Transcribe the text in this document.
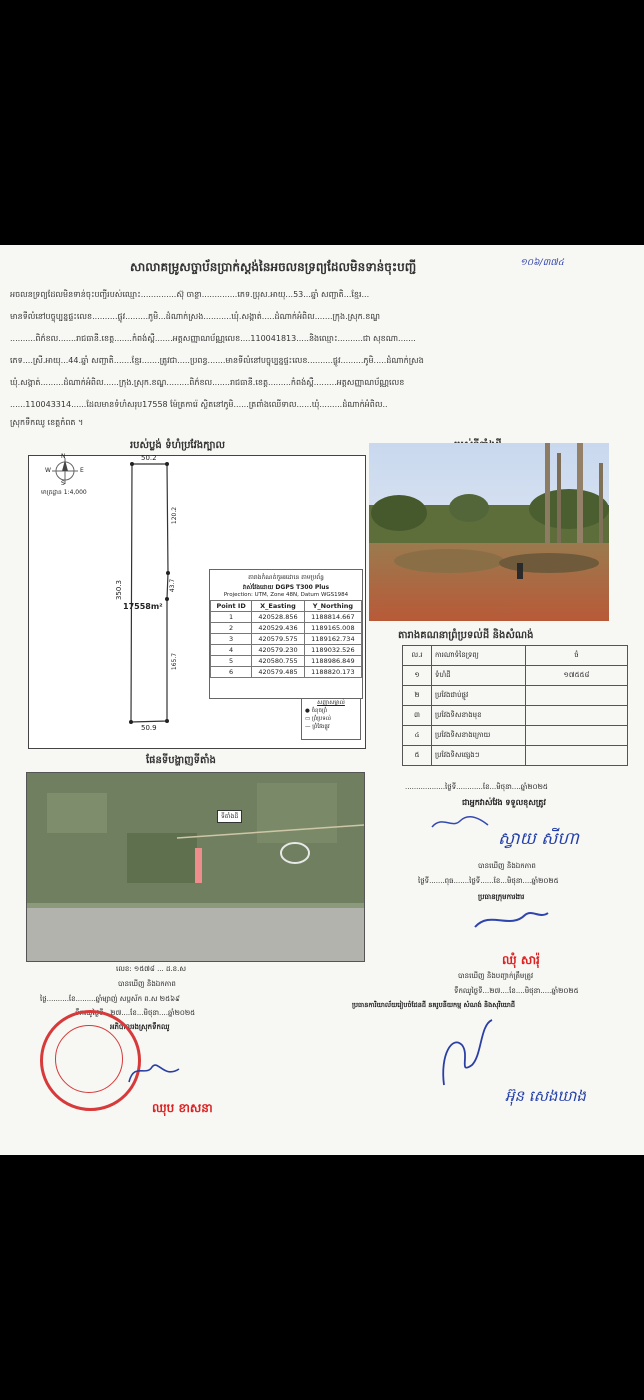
សាលាគម្រូសច្ចាប័នប្រាក់ស្តង់នៃអចលនទ្រព្យដែលមិនទាន់ចុះបញ្ជី	១០៦/៣៧៤
អចលនទ្រព្យដែលមិនទាន់ចុះបញ្ជីរបស់ឈ្មោះ..............ស៊ុ ចាន្ថា..............ភេទ.ប្រុស.អាយុ...53...ឆ្នាំ សញ្ជាតិ...ខ្មែរ...
មានទីលំនៅបច្ចុប្បន្នផ្ទះលេខ..........ផ្លូវ.........ភូមិ...ដំណាក់ស្រង...........ឃុំ.សង្កាត់.....ដំណាក់អំពិល.......ក្រុង.ស្រុក.ខណ្ឌ
..........ពិភ៌ខល.......រាជធានី.ខេត្ត.......កំពង់ស្ពឺ.......អត្តសញ្ញាណប័ណ្ណលេខ....110041813.....និងឈ្មោះ..........ជា សុខណា.......
ភេទ....ស្រី.អាយុ...44.ឆ្នាំ សញ្ជាតិ.......ខ្មែរ.......ត្រូវជា.....ប្រពន្ធ.......មានទីលំនៅបច្ចុប្បន្នផ្ទះលេខ..........ផ្លូវ.........ភូមិ.....ដំណាក់ស្រង
ឃុំ.សង្កាត់.........ដំណាក់អំពិល......ក្រុង.ស្រុក.ខណ្ឌ.........ពិភ៌ខល.......រាជធានី.ខេត្ត.........កំពង់ស្ពឺ.........អត្តសញ្ញាណប័ណ្ណលេខ
......110043314......ដែលមានទំហំសរុប17558 ម៉ែត្រការ៉េ ស្ថិតនៅភូមិ......ត្រពាំងឈើទាល......ឃុំ.........ដំណាក់អំពិល..
ស្រុកទឹកឈូ ខេត្តកំពត ។
របស់ប្លង់ ទំហំប្រវែងក្បាល
N
S
W	E
មាត្រដ្ឋាន 1:4,000
50.2
50.9
350.3
120.2
43.7
165.7
17558m²
តារាងកំណត់កូអរដោនេ តាមប្រព័ន្ធ
វាស់វែងដោយ DGPS T300 Plus
Projection: UTM, Zone 48N, Datum WGS1984
Point ID	X_Easting	Y_Northing
1	420528.856	1188814.667
2	420529.436	1189165.008
3	420579.575	1189162.734
4	420579.230	1189032.526
5	420580.755	1188986.849
6	420579.485	1188820.173
សញ្ញាសម្គាល់
● ចំនុចព្រំ
▭ ព្រំប្រទល់
— ព្រំវែងផ្លូវ
តារាងគណនាព្រំប្រទល់ដី និងសំណង់
ល.រ	ការណាទំនៃទ្រព្យ	ចំ
១	ទំហំដី	១៧៥៥៨
២	ប្រវែងជាប់ផ្លូវ	
៣	ប្រវែងទិសខាងមុខ	
៤	ប្រវែងទិសខាងក្រោយ	
៥	ប្រវែងទិសផ្សេងៗ	
ផែនទីបង្ហាញទីតាំង
ទីតាំងដី
..................ថ្ងៃទី............ខែ...មិថុនា....ឆ្នាំ២០២៥
ជាអ្នកវាស់វែង ទទួលខុសត្រូវ
ស្វាយ សីហា
បានឃើញ និងឯកភាព
ថ្ងៃទី.......ពុធ.......ថ្ងៃទី......ខែ...មិថុនា....ឆ្នាំ២០២៥
ប្រធានក្រុមការងារ
ឈុំ សារ៉ុ
បានឃើញ និងបញ្ជាក់ត្រឹមត្រូវ
ទឹកឈូថ្ងៃទី...២៧....ខែ....មិថុនា.....ឆ្នាំ២០២៥
ប្រធានការិយាល័យរៀបចំដែនដី នគរូបនីយកម្ម សំណង់ និងសុរិយោដី
អ៊ុន សេងឃាង
លេខ: ១៥៧៨ ... ដ.ខ.ស
បានឃើញ និងឯកភាព
ថ្ងៃ..........ខែ.........ឆ្នាំម្សាញ់ សប្តស័ក ព.ស ២៥៦៩
ទឹកឈូថ្ងៃទី...២៧....ខែ...មិថុនា....ឆ្នាំ២០២៥
អភិបាលរងស្រុកទឹកឈូ
ឈុប ខាសនា
